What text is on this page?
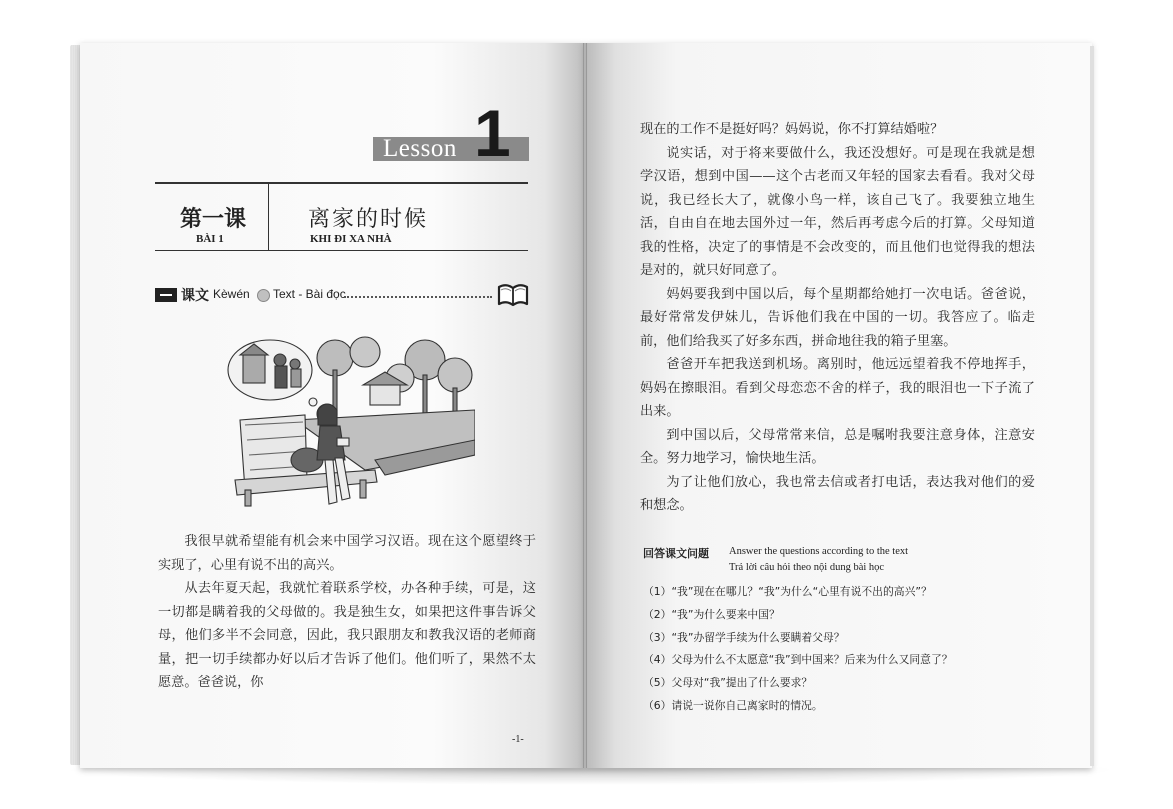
Lesson 1
第一课
BÀI 1
离家的时候
KHI ĐI XA NHÀ
课文 Kèwén Text - Bài đọc

我很早就希望能有机会来中国学习汉语。现在这个愿望终于实现了，心里有说不出的高兴。

从去年夏天起，我就忙着联系学校，办各种手续，可是，这一切都是瞒着我的父母做的。我是独生女，如果把这件事告诉父母，他们多半不会同意，因此，我只跟朋友和教我汉语的老师商量，把一切手续都办好以后才告诉了他们。他们听了，果然不太愿意。爸爸说，你

-1-

现在的工作不是挺好吗？妈妈说，你不打算结婚啦？

说实话，对于将来要做什么，我还没想好。可是现在我就是想学汉语，想到中国——这个古老而又年轻的国家去看看。我对父母说，我已经长大了，就像小鸟一样，该自己飞了。我要独立地生活，自由自在地去国外过一年，然后再考虑今后的打算。父母知道我的性格，决定了的事情是不会改变的，而且他们也觉得我的想法是对的，就只好同意了。

妈妈要我到中国以后，每个星期都给她打一次电话。爸爸说，最好常常发伊妹儿，告诉他们我在中国的一切。我答应了。临走前，他们给我买了好多东西，拼命地往我的箱子里塞。

爸爸开车把我送到机场。离别时，他远远望着我不停地挥手，妈妈在擦眼泪。看到父母恋恋不舍的样子，我的眼泪也一下子流了出来。

到中国以后，父母常常来信，总是嘱咐我要注意身体，注意安全。努力地学习，愉快地生活。

为了让他们放心，我也常去信或者打电话，表达我对他们的爱和想念。

回答课文问题 Answer the questions according to the text
Trả lời câu hỏi theo nội dung bài học
（1）“我”现在在哪儿？“我”为什么“心里有说不出的高兴”？
（2）“我”为什么要来中国？
（3）“我”办留学手续为什么要瞒着父母？
（4）父母为什么不太愿意“我”到中国来？后来为什么又同意了？
（5）父母对“我”提出了什么要求？
（6）请说一说你自己离家时的情况。
